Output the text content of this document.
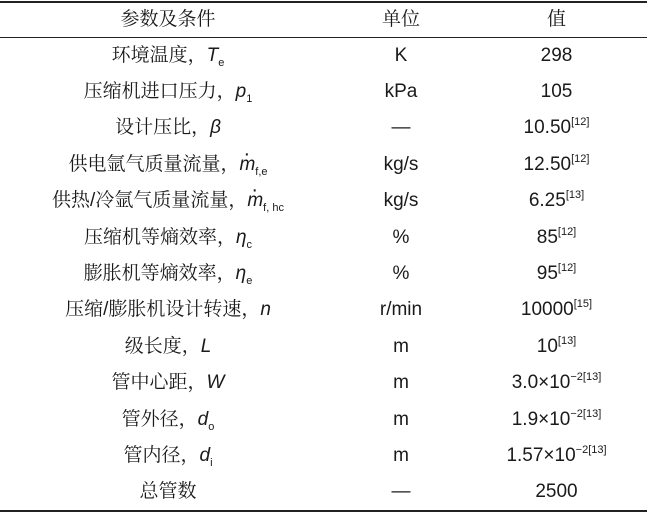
参数及条件	单位	值
环境温度，$T_e$	K	298
压缩机进口压力，$p_1$	kPa	105
设计压比，β	—	10.50[12]
供电氩气质量流量，· $m_{f,e}$	kg/s	12.50[12]
供热/冷氩气质量流量，· $m_{f, hc}$	kg/s	6.25[13]
压缩机等熵效率，$\eta_c$	%	85[12]
膨胀机等熵效率，$\eta_e$	%	95[12]
压缩/膨胀机设计转速，n	r/min	10000[15]
级长度，L	m	10[13]
管中心距，W	m	$3.0\times 10^{-2[13]}$
管外径，$d_o$	m	$1.9\times 10^{-2[13]}$
管内径，$d_i$	m	$1.57\times 10^{-2[13]}$
总管数	—	2500
